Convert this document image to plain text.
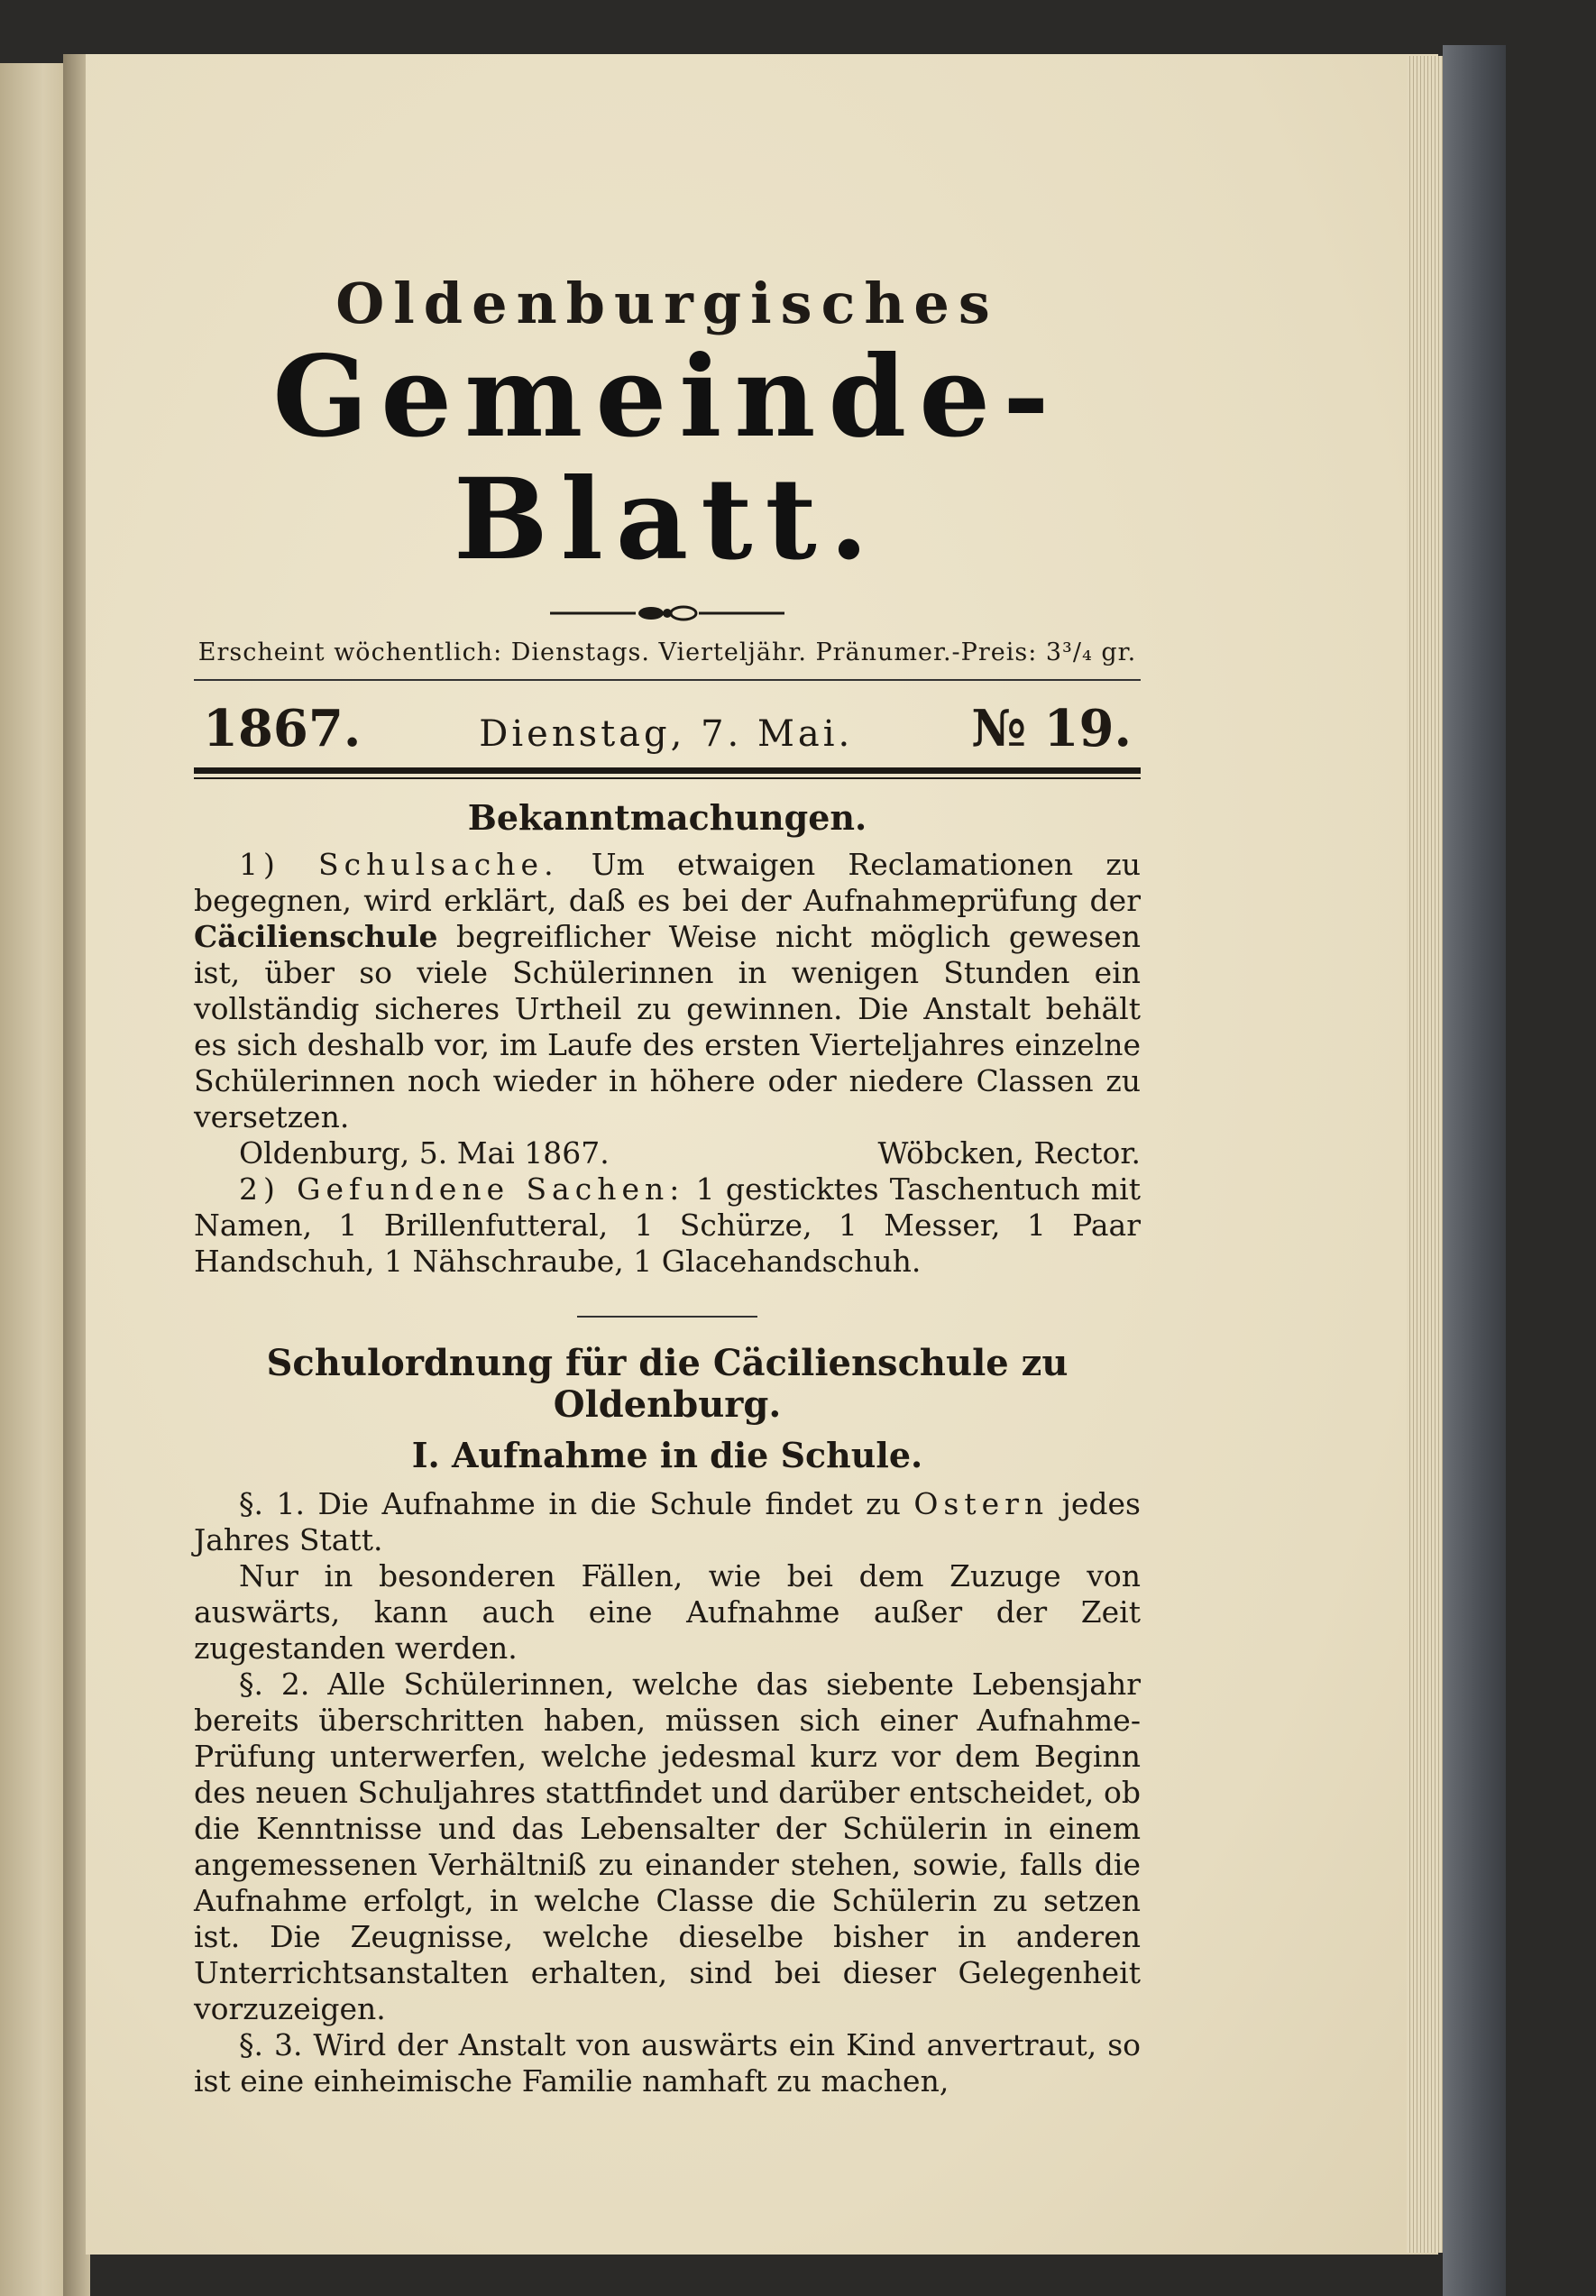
Oldenburgisches
Gemeinde-Blatt.
Erscheint wöchentlich: Dienstags. Vierteljähr. Pränumer.-Preis: 3³/₄ gr.
1867.	Dienstag, 7. Mai. № 19.
Bekanntmachungen.

1) Schulsache. Um etwaigen Reclamationen zu begegnen, wird erklärt, daß es bei der Aufnahmeprüfung der Cäcilienschule begreiflicher Weise nicht möglich gewesen ist, über so viele Schülerinnen in wenigen Stunden ein vollständig sicheres Urtheil zu gewinnen. Die Anstalt behält es sich deshalb vor, im Laufe des ersten Vierteljahres einzelne Schülerinnen noch wieder in höhere oder niedere Classen zu versetzen.

Oldenburg, 5. Mai 1867.	Wöbcken, Rector.

2) Gefundene Sachen: 1 gesticktes Taschentuch mit Namen, 1 Brillenfutteral, 1 Schürze, 1 Messer, 1 Paar Handschuh, 1 Nähschraube, 1 Glacehandschuh.

Schulordnung für die Cäcilienschule zu Oldenburg.
I. Aufnahme in die Schule.

§. 1. Die Aufnahme in die Schule findet zu Ostern jedes Jahres Statt.

Nur in besonderen Fällen, wie bei dem Zuzuge von auswärts, kann auch eine Aufnahme außer der Zeit zugestanden werden.

§. 2. Alle Schülerinnen, welche das siebente Lebensjahr bereits überschritten haben, müssen sich einer Aufnahme-Prüfung unterwerfen, welche jedesmal kurz vor dem Beginn des neuen Schuljahres stattfindet und darüber entscheidet, ob die Kenntnisse und das Lebensalter der Schülerin in einem angemessenen Verhältniß zu einander stehen, sowie, falls die Aufnahme erfolgt, in welche Classe die Schülerin zu setzen ist. Die Zeugnisse, welche dieselbe bisher in anderen Unterrichtsanstalten erhalten, sind bei dieser Gelegenheit vorzuzeigen.

§. 3. Wird der Anstalt von auswärts ein Kind anvertraut, so ist eine einheimische Familie namhaft zu machen,
